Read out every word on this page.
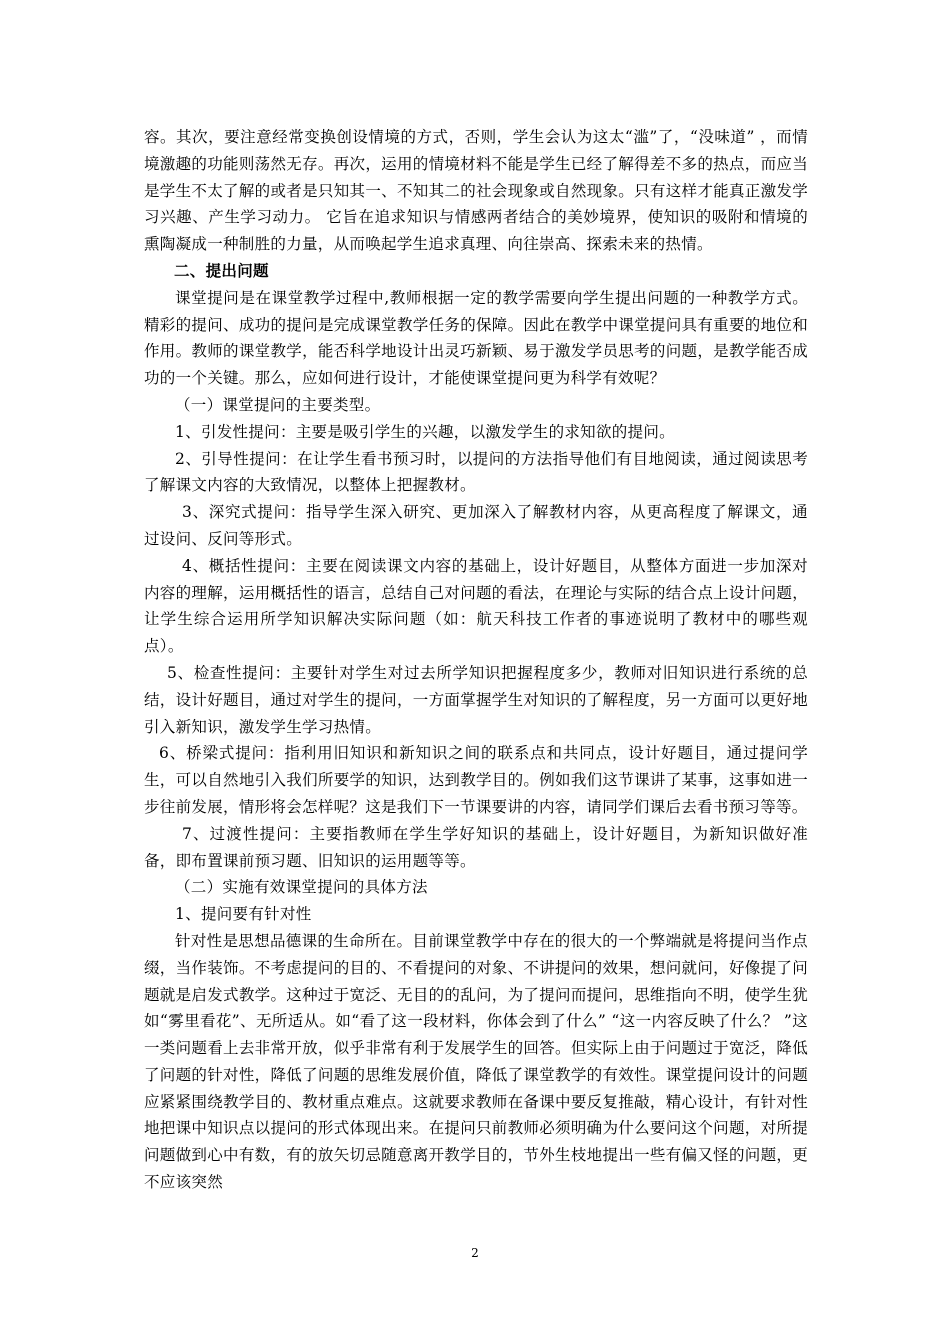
容。其次，要注意经常变换创设情境的方式，否则，学生会认为这太“滥”了，“没味道” ，而情境激趣的功能则荡然无存。再次，运用的情境材料不能是学生已经了解得差不多的热点，而应当是学生不太了解的或者是只知其一、不知其二的社会现象或自然现象。只有这样才能真正激发学习兴趣、产生学习动力。 它旨在追求知识与情感两者结合的美妙境界，使知识的吸附和情境的熏陶凝成一种制胜的力量，从而唤起学生追求真理、向往崇高、探索未来的热情。

二、提出问题

课堂提问是在课堂教学过程中,教师根据一定的教学需要向学生提出问题的一种教学方式。精彩的提问、成功的提问是完成课堂教学任务的保障。因此在教学中课堂提问具有重要的地位和作用。教师的课堂教学，能否科学地设计出灵巧新颖、易于激发学员思考的问题，是教学能否成功的一个关键。那么，应如何进行设计，才能使课堂提问更为科学有效呢？

（一）课堂提问的主要类型。

1、引发性提问：主要是吸引学生的兴趣，以激发学生的求知欲的提问。

2、引导性提问：在让学生看书预习时，以提问的方法指导他们有目地阅读，通过阅读思考了解课文内容的大致情况，以整体上把握教材。

3、深究式提问：指导学生深入研究、更加深入了解教材内容，从更高程度了解课文，通过设问、反问等形式。

4、概括性提问：主要在阅读课文内容的基础上，设计好题目，从整体方面进一步加深对内容的理解，运用概括性的语言，总结自己对问题的看法，在理论与实际的结合点上设计问题，让学生综合运用所学知识解决实际问题（如：航天科技工作者的事迹说明了教材中的哪些观点）。

5、检查性提问：主要针对学生对过去所学知识把握程度多少，教师对旧知识进行系统的总结，设计好题目，通过对学生的提问，一方面掌握学生对知识的了解程度，另一方面可以更好地引入新知识，激发学生学习热情。

6、桥梁式提问：指利用旧知识和新知识之间的联系点和共同点，设计好题目，通过提问学生，可以自然地引入我们所要学的知识，达到教学目的。例如我们这节课讲了某事，这事如进一步往前发展，情形将会怎样呢？这是我们下一节课要讲的内容，请同学们课后去看书预习等等。

7、过渡性提问：主要指教师在学生学好知识的基础上，设计好题目，为新知识做好准备，即布置课前预习题、旧知识的运用题等等。

（二）实施有效课堂提问的具体方法

1、提问要有针对性

针对性是思想品德课的生命所在。目前课堂教学中存在的很大的一个弊端就是将提问当作点缀，当作装饰。不考虑提问的目的、不看提问的对象、不讲提问的效果，想问就问，好像提了问题就是启发式教学。这种过于宽泛、无目的的乱问，为了提问而提问，思维指向不明，使学生犹如“雾里看花”、无所适从。如“看了这一段材料，你体会到了什么” “这一内容反映了什么？ ”这一类问题看上去非常开放，似乎非常有利于发展学生的回答。但实际上由于问题过于宽泛，降低了问题的针对性，降低了问题的思维发展价值，降低了课堂教学的有效性。课堂提问设计的问题应紧紧围绕教学目的、教材重点难点。这就要求教师在备课中要反复推敲，精心设计，有针对性地把课中知识点以提问的形式体现出来。在提问只前教师必须明确为什么要问这个问题，对所提问题做到心中有数，有的放矢切忌随意离开教学目的，节外生枝地提出一些有偏又怪的问题，更不应该突然

2
